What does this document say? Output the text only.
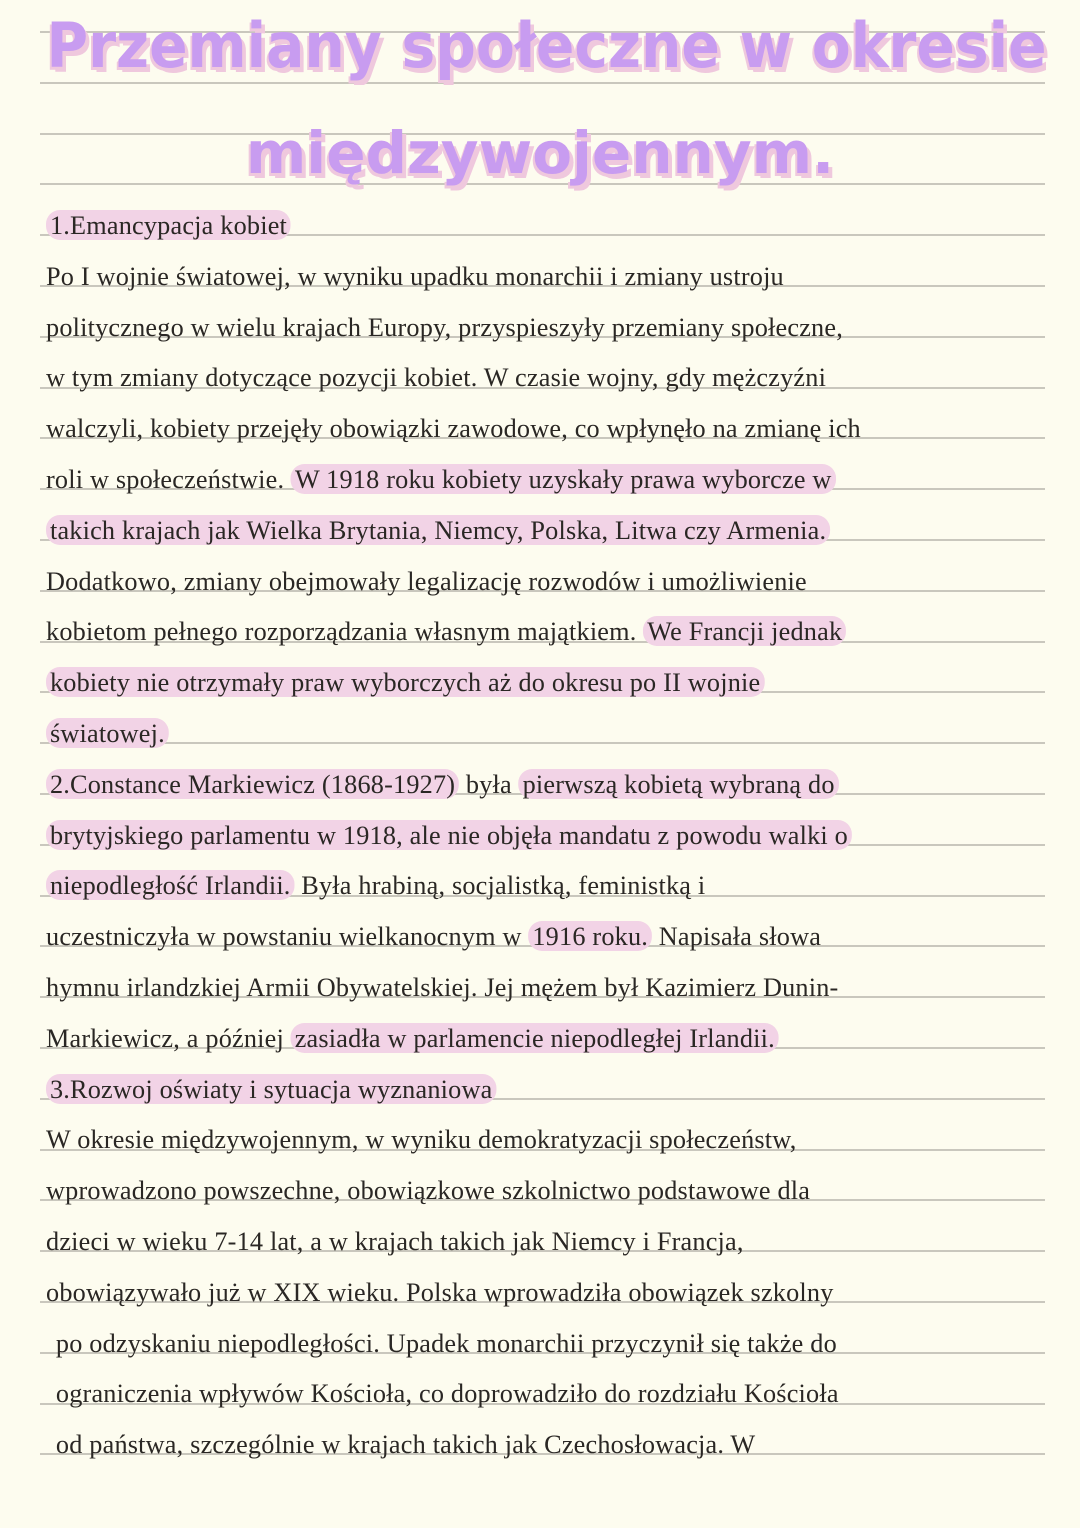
Przemiany społeczne w okresie
międzywojennym.
1.Emancypacja kobiet
Po I wojnie światowej, w wyniku upadku monarchii i zmiany ustroju
politycznego w wielu krajach Europy, przyspieszyły przemiany społeczne,
w tym zmiany dotyczące pozycji kobiet. W czasie wojny, gdy mężczyźni
walczyli, kobiety przejęły obowiązki zawodowe, co wpłynęło na zmianę ich
roli w społeczeństwie. W 1918 roku kobiety uzyskały prawa wyborcze w
takich krajach jak Wielka Brytania, Niemcy, Polska, Litwa czy Armenia.
Dodatkowo, zmiany obejmowały legalizację rozwodów i umożliwienie
kobietom pełnego rozporządzania własnym majątkiem. We Francji jednak
kobiety nie otrzymały praw wyborczych aż do okresu po II wojnie
światowej.
2.Constance Markiewicz (1868-1927) była pierwszą kobietą wybraną do
brytyjskiego parlamentu w 1918, ale nie objęła mandatu z powodu walki o
niepodległość Irlandii. Była hrabiną, socjalistką, feministką i
uczestniczyła w powstaniu wielkanocnym w 1916 roku. Napisała słowa
hymnu irlandzkiej Armii Obywatelskiej. Jej mężem był Kazimierz Dunin-
Markiewicz, a później zasiadła w parlamencie niepodległej Irlandii.
3.Rozwoj oświaty i sytuacja wyznaniowa
W okresie międzywojennym, w wyniku demokratyzacji społeczeństw,
wprowadzono powszechne, obowiązkowe szkolnictwo podstawowe dla
dzieci w wieku 7-14 lat, a w krajach takich jak Niemcy i Francja,
obowiązywało już w XIX wieku. Polska wprowadziła obowiązek szkolny
po odzyskaniu niepodległości. Upadek monarchii przyczynił się także do
ograniczenia wpływów Kościoła, co doprowadziło do rozdziału Kościoła
od państwa, szczególnie w krajach takich jak Czechosłowacja. W
